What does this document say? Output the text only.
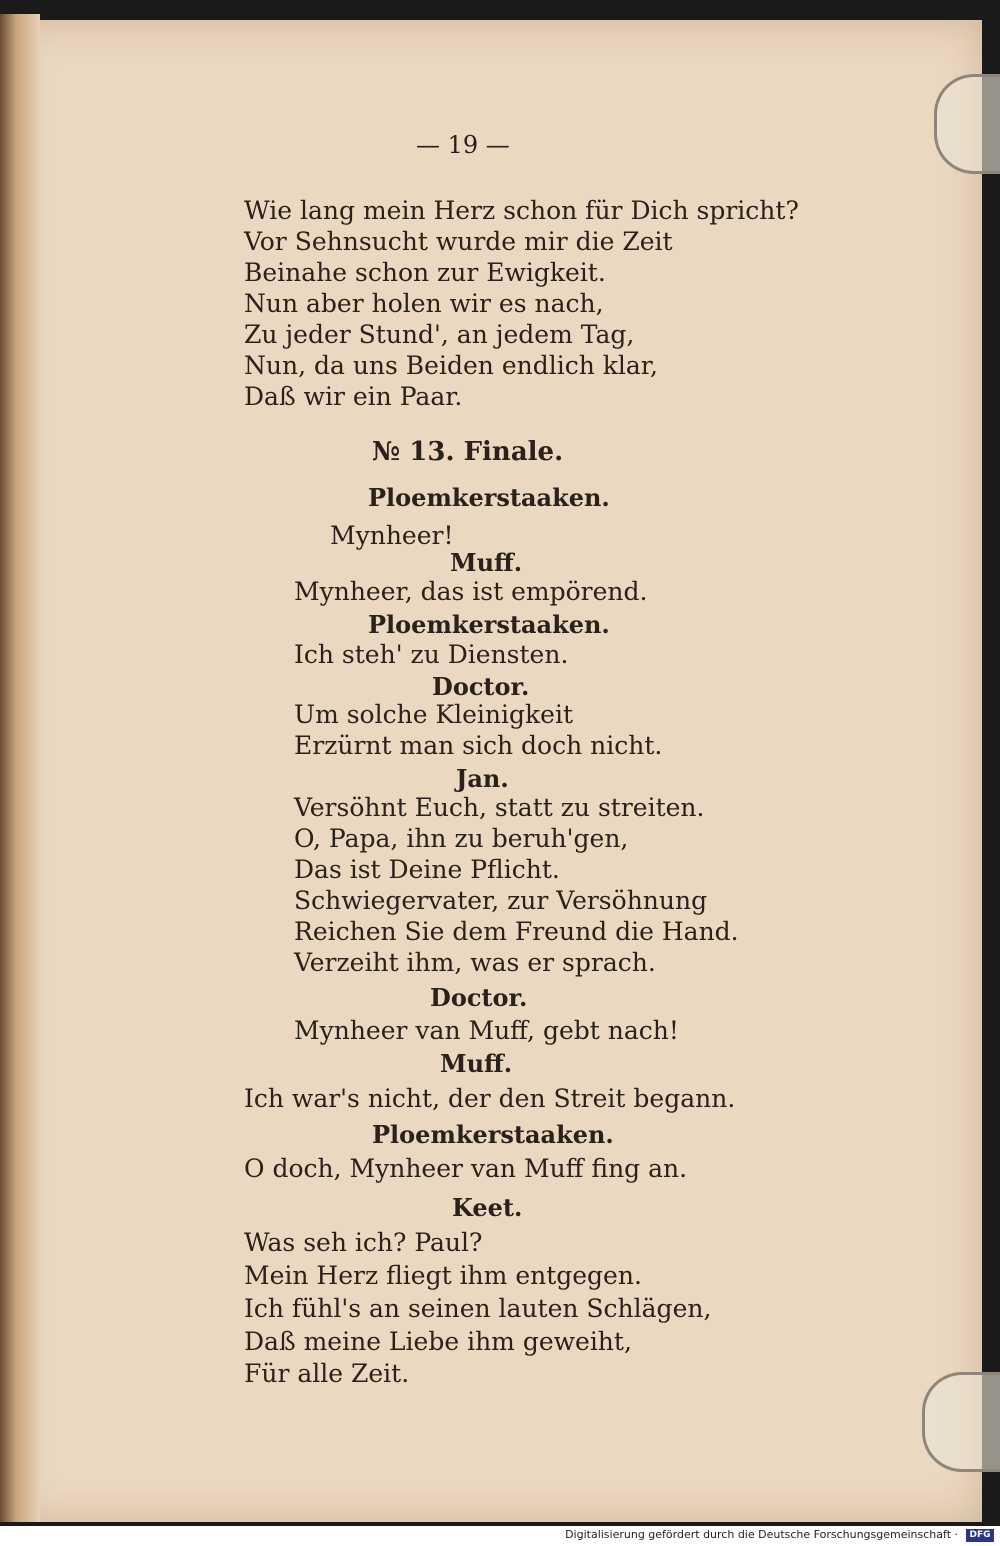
— 19 —
Wie lang mein Herz schon für Dich spricht?
Vor Sehnsucht wurde mir die Zeit
Beinahe schon zur Ewigkeit.
Nun aber holen wir es nach,
Zu jeder Stund', an jedem Tag,
Nun, da uns Beiden endlich klar,
Daß wir ein Paar.
№ 13. Finale.
Ploemkerstaaken.
Mynheer!
Muff.
Mynheer, das ist empörend.
Ploemkerstaaken.
Ich steh' zu Diensten.
Doctor.
Um solche Kleinigkeit
Erzürnt man sich doch nicht.
Jan.
Versöhnt Euch, statt zu streiten.
O, Papa, ihn zu beruh'gen,
Das ist Deine Pflicht.
Schwiegervater, zur Versöhnung
Reichen Sie dem Freund die Hand.
Verzeiht ihm, was er sprach.
Doctor.
Mynheer van Muff, gebt nach!
Muff.
Ich war's nicht, der den Streit begann.
Ploemkerstaaken.
O doch, Mynheer van Muff fing an.
Keet.
Was seh ich? Paul?
Mein Herz fliegt ihm entgegen.
Ich fühl's an seinen lauten Schlägen,
Daß meine Liebe ihm geweiht,
Für alle Zeit.
Digitalisierung gefördert durch die Deutsche Forschungsgemeinschaft ·	DFG
